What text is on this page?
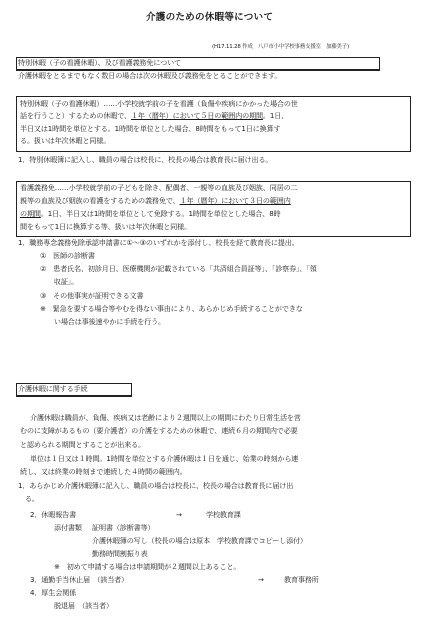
介護のための休暇等について
(H17.11.28 作成　八戸市小中学校事務支援室　加藤美子)
特別休暇（子の看護休暇）、及び看護義務免について
介護休暇をとるまでもなく数日の場合は次の休暇及び義務免をとることができます。
特別休暇（子の看護休暇）……小学校就学前の子を看護（負傷や疾病にかかった場合の世
話を行うこと）するための休暇で、１年（暦年）において５日の範囲内の期間。1日、
半日又は1時間を単位とする。1時間を単位とした場合、8時間をもって1日に換算す
る。扱いは年次休暇と同様。
1．特別休暇簿に記入し、職員の場合は校長に、校長の場合は教育長に届け出る。
看護義務免……小学校就学前の子どもを除き、配偶者、一親等の血族及び姻族、同居の二
親等の血族及び姻族の看護をするための義務免で、１年（暦年）において３日の範囲内
の期間。1日、半日又は1時間を単位として免除する。1時間を単位とした場合、8時
間をもって1日に換算する等、扱いは年次休暇と同様。
1．職務専念義務免除承認申請書に①～③のいずれかを添付し、校長を経て教育長に提出。
①　医師の診断書
②　患者氏名、初診月日、医療機関が記載されている「共済組合員証等」、「診察券」、「領
　　収証」。
③　その他事実が証明できる文書
※　緊急を要する場合等やむを得ない事由により、あらかじめ手続することができな
　　い場合は事後速やかに手続を行う。
介護休暇に関する手続
介護休暇は職員が、負傷、疾病又は老齢により２週間以上の期間にわたり日常生活を営
むのに支障があるもの（要介護者）の介護をするための休暇で、連続６月の期間内で必要
と認められる期間とすることが出来る。
単位は１日又は１時間。1時間を単位とする介護休暇は１日を通じ、始業の時刻から連
続し、又は終業の時刻まで連続した４時間の範囲内。
1．あらかじめ介護休暇簿に記入し、職員の場合は校長に、校長の場合は教育長に届け出
　る。
2．休暇報告書	→	学校教育課
添付書類 証明書（診断書等）
介護休暇簿の写し（校長の場合は原本　学校教育課でコピーし添付）
勤務時間割振り表
※　初めて申請する場合は申請期間が２週間以上あること。
3．通勤手当休止届　（該当者）	→	教育事務所
4．厚生会関係
脱退届　（該当者）
